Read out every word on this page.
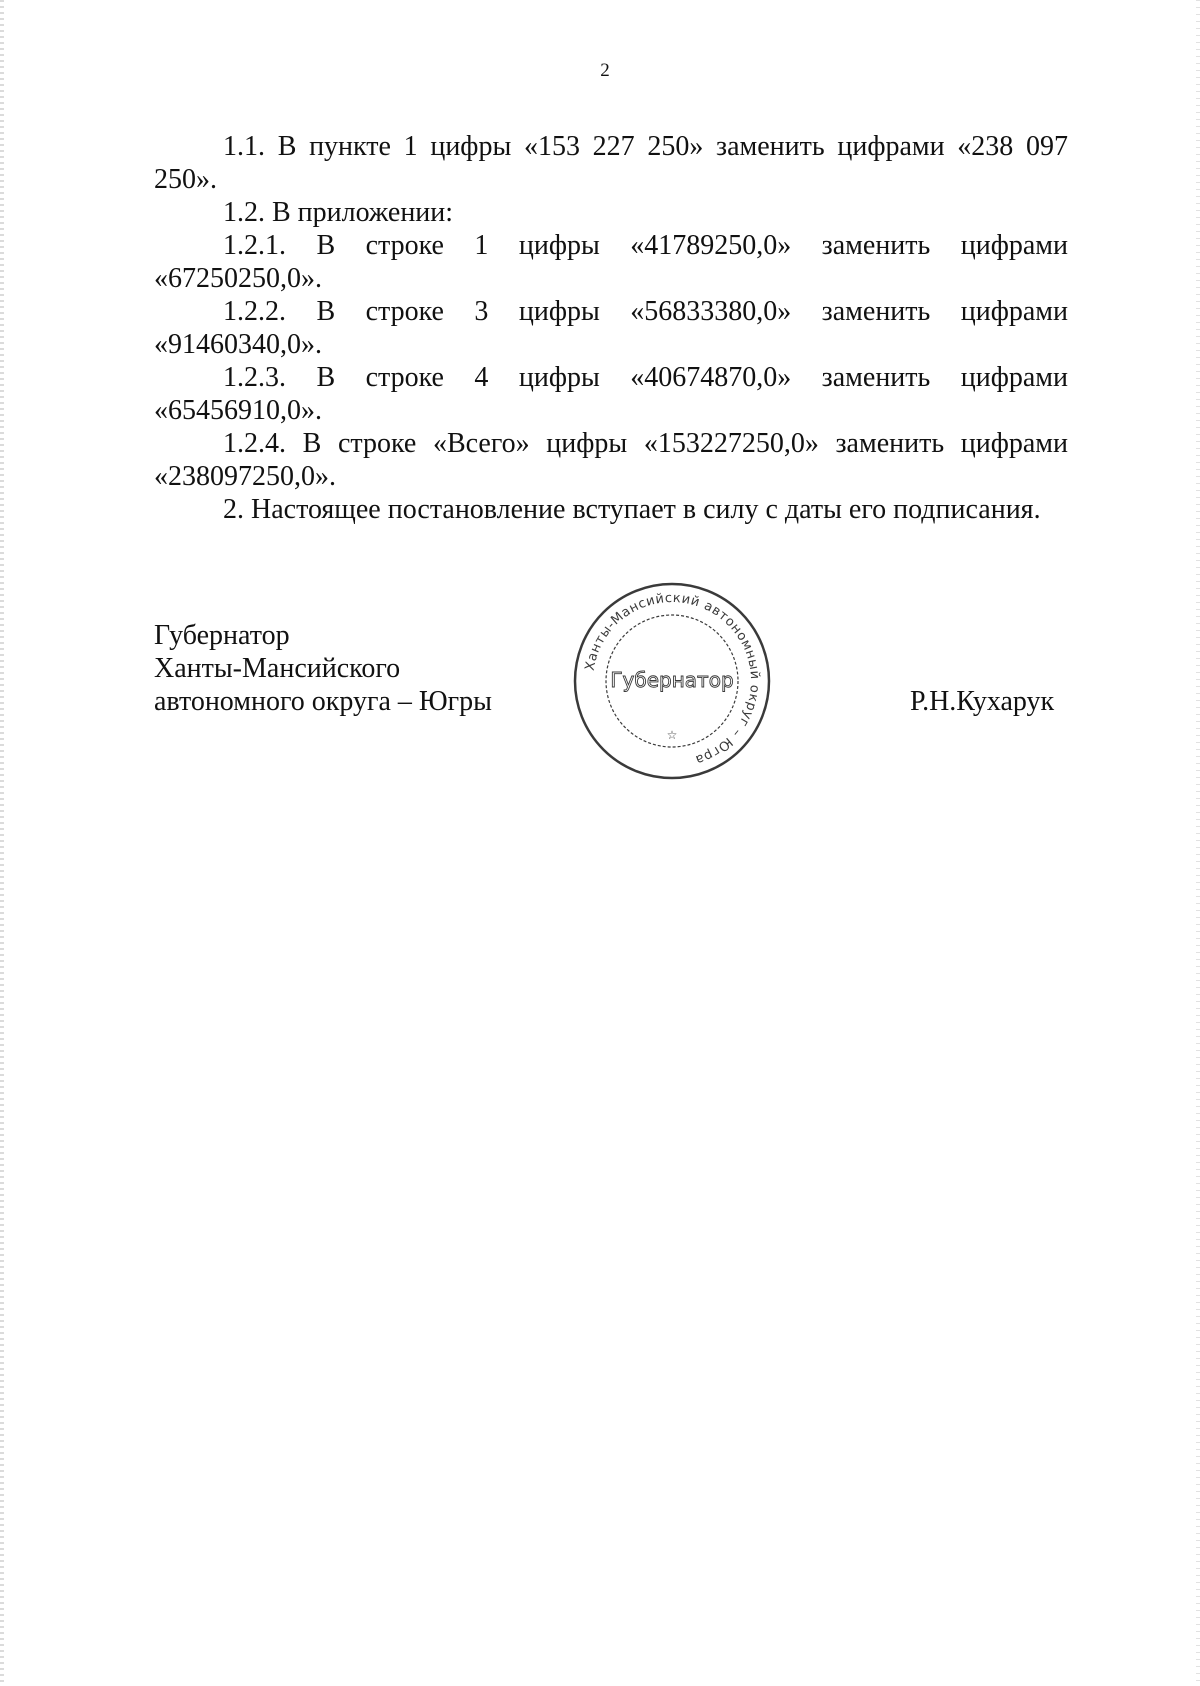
2

1.1. В пункте 1 цифры «153 227 250» заменить цифрами «238 097 250».

1.2. В приложении:

1.2.1. В строке 1 цифры «41789250,0» заменить цифрами «67250250,0».

1.2.2. В строке 3 цифры «56833380,0» заменить цифрами «91460340,0».

1.2.3. В строке 4 цифры «40674870,0» заменить цифрами «65456910,0».

1.2.4. В строке «Всего» цифры «153227250,0» заменить цифрами «238097250,0».

2. Настоящее постановление вступает в силу с даты его подписания.

Губернатор
Ханты-Мансийского
автономного округа – Югры	Р.Н.Кухарук
Ханты-Мансийский автономный округ – Югра
Губернатор
☆
